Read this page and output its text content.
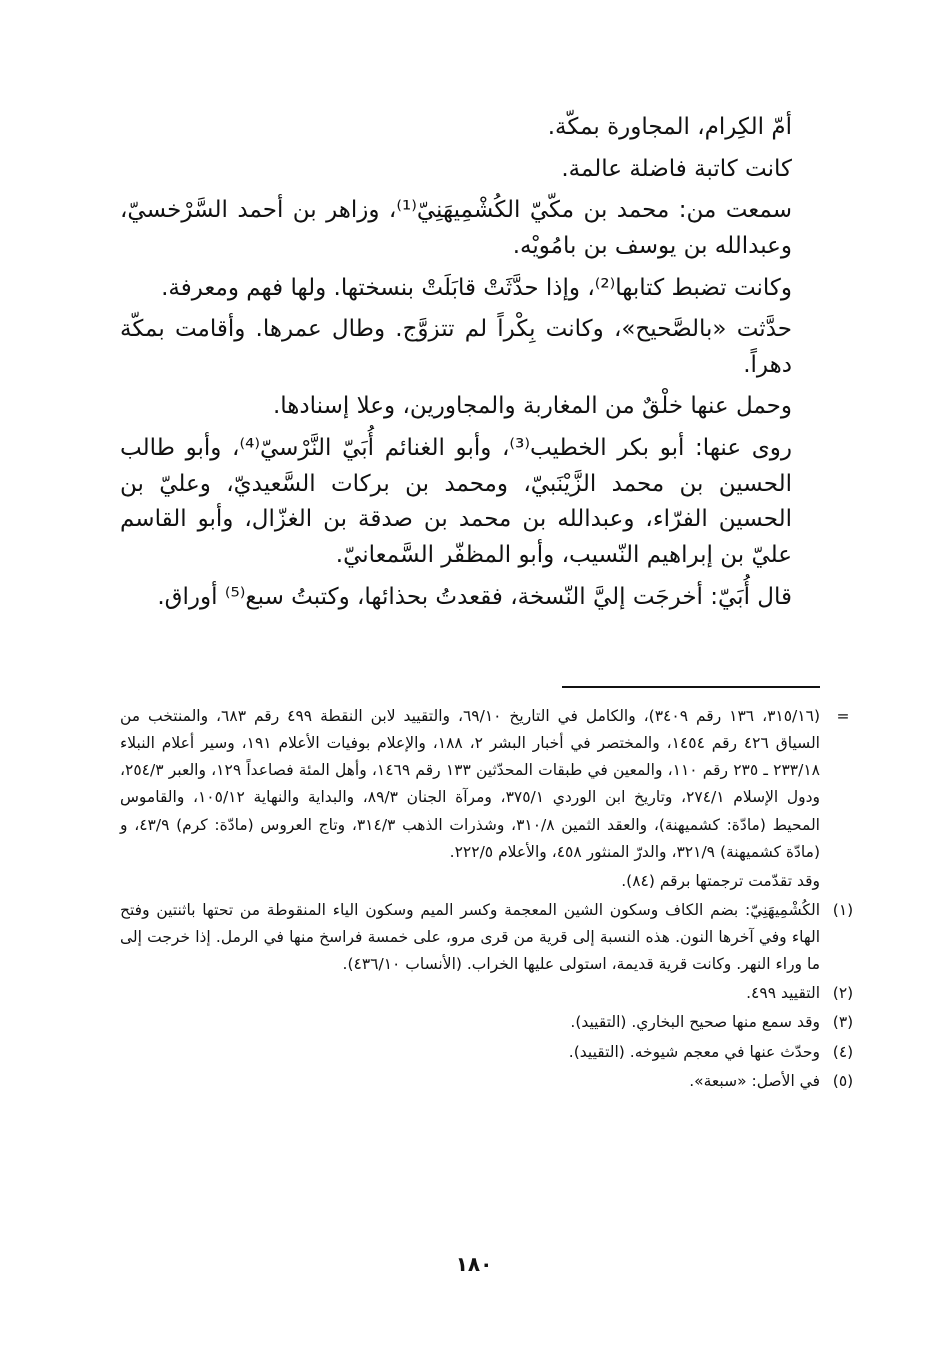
أمّ الكِرام، المجاورة بمكّة.

كانت كاتبة فاضلة عالمة.

سمعت من: محمد بن مكّيّ الكُشْمِيهَنِيّ⁽¹⁾، وزاهر بن أحمد السَّرْخسيّ، وعبدالله بن يوسف بن بامُويْه.

وكانت تضبط كتابها⁽²⁾، وإذا حدَّثَتْ قابَلَتْ بنسختها. ولها فهم ومعرفة.

حدَّثت «بالصَّحيح»، وكانت بِكْراً لم تتزوَّج. وطال عمرها. وأقامت بمكّة دهراً.

وحمل عنها خلْقٌ من المغاربة والمجاورين، وعلا إسنادها.

روى عنها: أبو بكر الخطيب⁽³⁾، وأبو الغنائم أُبَيّ النَّرْسيّ⁽⁴⁾، وأبو طالب الحسين بن محمد الزَّيْنَبيّ، ومحمد بن بركات السَّعيديّ، وعليّ بن الحسين الفرّاء، وعبدالله بن محمد بن صدقة بن الغزّال، وأبو القاسم عليّ بن إبراهيم النّسيب، وأبو المظفّر السَّمعانيّ.

قال أُبَيّ: أخرجَت إليَّ النّسخة، فقعدتُ بحذائها، وكتبتُ سبع⁽⁵⁾ أوراق.

=
(٣١٥/١٦، ١٣٦ رقم ٣٤٠٩)، والكامل في التاريخ ٦٩/١٠، والتقييد لابن النقطة ٤٩٩ رقم ٦٨٣، والمنتخب من السياق ٤٢٦ رقم ١٤٥٤، والمختصر في أخبار البشر ٢، ١٨٨، والإعلام بوفيات الأعلام ١٩١، وسير أعلام النبلاء ٢٣٣/١٨ ـ ٢٣٥ رقم ١١٠، والمعين في طبقات المحدّثين ١٣٣ رقم ١٤٦٩، وأهل المئة فصاعداً ١٢٩، والعبر ٢٥٤/٣، ودول الإسلام ٢٧٤/١، وتاريخ ابن الوردي ٣٧٥/١، ومرآة الجنان ٨٩/٣، والبداية والنهاية ١٠٥/١٢، والقاموس المحيط (مادّة: كشميهنة)، والعقد الثمين ٣١٠/٨، وشذرات الذهب ٣١٤/٣، وتاج العروس (مادّة: كرم) ٤٣/٩، و (مادّة كشميهنة) ٣٢١/٩، والدرّ المنثور ٤٥٨، والأعلام ٢٢٢/٥.
وقد تقدّمت ترجمتها برقم (٨٤).
(١)
الكُشْمِيهَنِيّ: بضم الكاف وسكون الشين المعجمة وكسر الميم وسكون الياء المنقوطة من تحتها باثنتين وفتح الهاء وفي آخرها النون. هذه النسبة إلى قرية من قرى مرو، على خمسة فراسخ منها في الرمل. إذا خرجت إلى ما وراء النهر. وكانت قرية قديمة، استولى عليها الخراب. (الأنساب ٤٣٦/١٠).
(٢)
التقييد ٤٩٩.
(٣)
وقد سمع منها صحيح البخاري. (التقييد).
(٤)
وحدّث عنها في معجم شيوخه. (التقييد).
(٥)
في الأصل: «سبعة».
١٨٠
